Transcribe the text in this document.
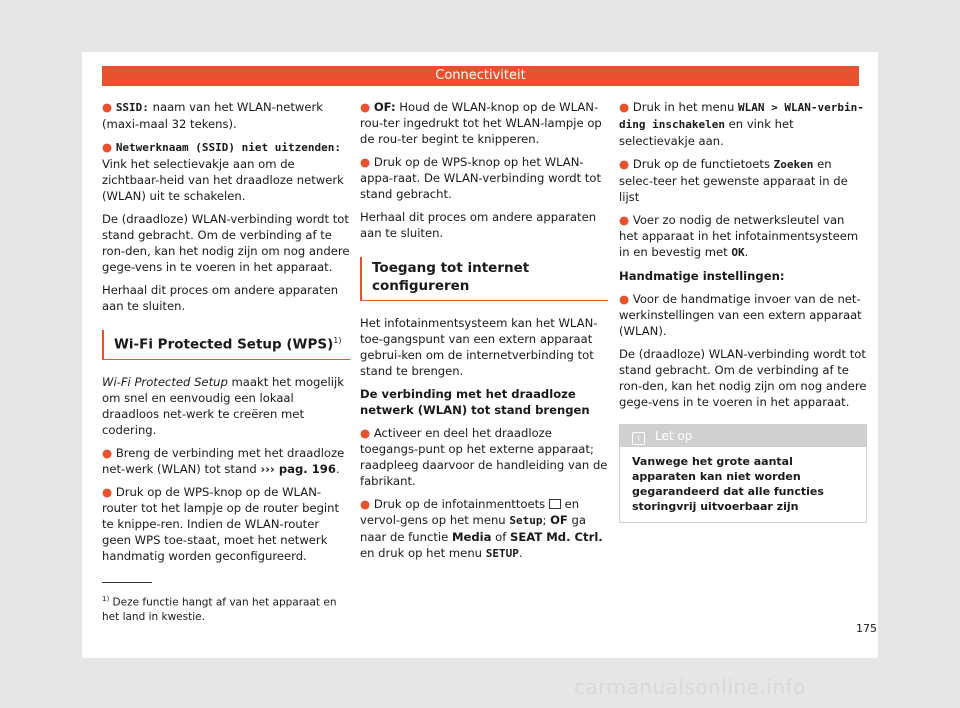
Connectiviteit

● SSID: naam van het WLAN-netwerk (maxi-maal 32 tekens).

● Netwerknaam (SSID) niet uitzenden: Vink het selectievakje aan om de zichtbaar-heid van het draadloze netwerk (WLAN) uit te schakelen.

De (draadloze) WLAN-verbinding wordt tot stand gebracht. Om de verbinding af te ron-den, kan het nodig zijn om nog andere gege-vens in te voeren in het apparaat.

Herhaal dit proces om andere apparaten aan te sluiten.

Wi-Fi Protected Setup (WPS)$^{1)}$

Wi-Fi Protected Setup maakt het mogelijk om snel en eenvoudig een lokaal draadloos net-werk te creëren met codering.

● Breng de verbinding met het draadloze net-werk (WLAN) tot stand ››› pag. 196.

● Druk op de WPS-knop op de WLAN-router tot het lampje op de router begint te knippe-ren. Indien de WLAN-router geen WPS toe-staat, moet het netwerk handmatig worden geconfigureerd.

● OF: Houd de WLAN-knop op de WLAN-rou-ter ingedrukt tot het WLAN-lampje op de rou-ter begint te knipperen.

● Druk op de WPS-knop op het WLAN-appa-raat. De WLAN-verbinding wordt tot stand gebracht.

Herhaal dit proces om andere apparaten aan te sluiten.

Toegang tot internet configureren

Het infotainmentsysteem kan het WLAN-toe-gangspunt van een extern apparaat gebrui-ken om de internetverbinding tot stand te brengen.

De verbinding met het draadloze netwerk (WLAN) tot stand brengen

● Activeer en deel het draadloze toegangs-punt op het externe apparaat; raadpleeg daarvoor de handleiding van de fabrikant.

● Druk op de infotainmenttoets  en vervol-gens op het menu Setup; OF ga naar de functie Media of SEAT Md. Ctrl. en druk op het menu SETUP.

● Druk in het menu WLAN > WLAN-verbin-ding inschakelen en vink het selectievakje aan.

● Druk op de functietoets Zoeken en selec-teer het gewenste apparaat in de lijst

● Voer zo nodig de netwerksleutel van het apparaat in het infotainmentsysteem in en bevestig met OK.

Handmatige instellingen:

● Voor de handmatige invoer van de net-werkinstellingen van een extern apparaat (WLAN).

De (draadloze) WLAN-verbinding wordt tot stand gebracht. Om de verbinding af te ron-den, kan het nodig zijn om nog andere gege-vens in te voeren in het apparaat.

i Let op
Vanwege het grote aantal apparaten kan niet worden gegarandeerd dat alle functies storingvrij uitvoerbaar zijn
$^{1)}$ Deze functie hangt af van het apparaat en het land in kwestie.
175
carmanualsonline.info
